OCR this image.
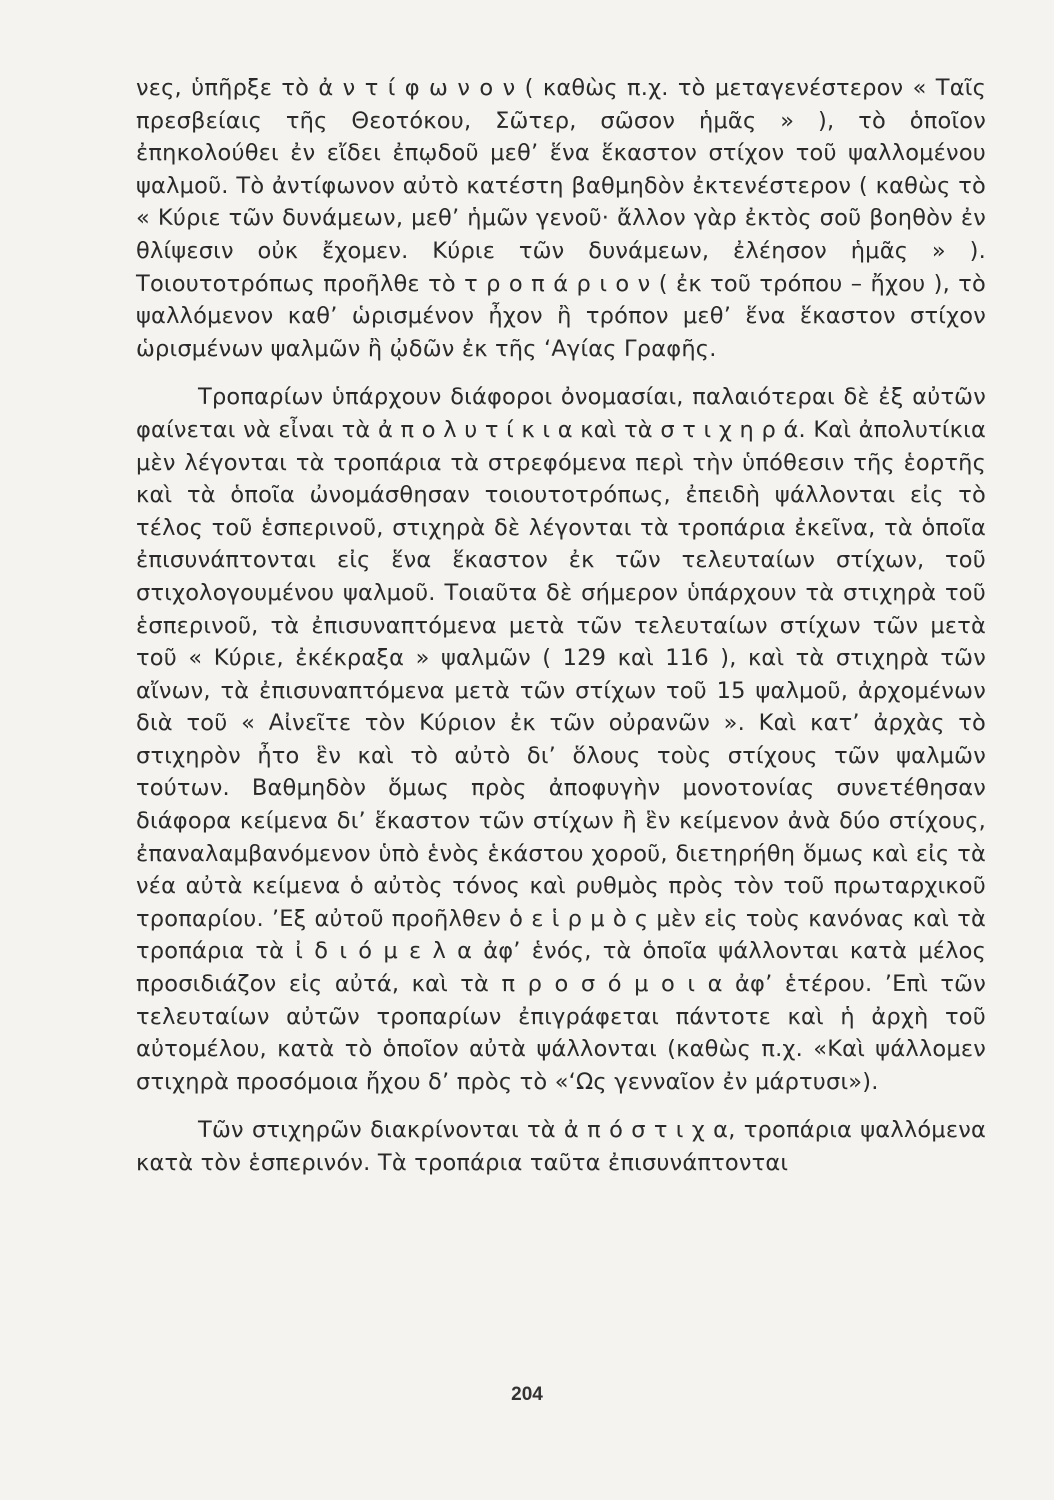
νες, ὑπῆρξε τὸ ἀ ν τ ί φ ω ν ο ν ( καθὼς π.χ. τὸ μεταγενέστερον « Ταῖς πρεσβείαις τῆς Θεοτόκου, Σῶτερ, σῶσον ἡμᾶς » ), τὸ ὁποῖον ἐπηκολούθει ἐν εἴδει ἐπῳδοῦ μεθ’ ἕνα ἕκαστον στίχον τοῦ ψαλλομένου ψαλμοῦ. Τὸ ἀντίφωνον αὐτὸ κατέστη βαθμηδὸν ἐκτενέστερον ( καθὼς τὸ « Κύριε τῶν δυνάμεων, μεθ’ ἡμῶν γενοῦ· ἄλλον γὰρ ἐκτὸς σοῦ βοηθὸν ἐν θλίψεσιν οὐκ ἔχομεν. Κύριε τῶν δυνάμεων, ἐλέησον ἡμᾶς » ). Τοιουτοτρόπως προῆλθε τὸ τ ρ ο π ά ρ ι ο ν ( ἐκ τοῦ τρόπου – ἤχου ), τὸ ψαλλόμενον καθ’ ὡρισμένον ἦχον ἢ τρόπον μεθ’ ἕνα ἕκαστον στίχον ὡρισμένων ψαλμῶν ἢ ᾠδῶν ἐκ τῆς ‘Αγίας Γραφῆς.

Τροπαρίων ὑπάρχουν διάφοροι ὀνομασίαι, παλαιότεραι δὲ ἐξ αὐτῶν φαίνεται νὰ εἶναι τὰ ἀ π ο λ υ τ ί κ ι α καὶ τὰ σ τ ι χ η ρ ά. Καὶ ἀπολυτίκια μὲν λέγονται τὰ τροπάρια τὰ στρεφόμενα περὶ τὴν ὑπόθεσιν τῆς ἑορτῆς καὶ τὰ ὁποῖα ὠνομάσθησαν τοιουτοτρόπως, ἐπειδὴ ψάλλονται εἰς τὸ τέλος τοῦ ἑσπερινοῦ, στιχηρὰ δὲ λέγονται τὰ τροπάρια ἐκεῖνα, τὰ ὁποῖα ἐπισυνάπτονται εἰς ἕνα ἕκαστον ἐκ τῶν τελευταίων στίχων, τοῦ στιχολογουμένου ψαλμοῦ. Τοιαῦτα δὲ σήμερον ὑπάρχουν τὰ στιχηρὰ τοῦ ἑσπερινοῦ, τὰ ἐπισυναπτόμενα μετὰ τῶν τελευταίων στίχων τῶν μετὰ τοῦ « Κύριε, ἐκέκραξα » ψαλμῶν ( 129 καὶ 116 ), καὶ τὰ στιχηρὰ τῶν αἴνων, τὰ ἐπισυναπτόμενα μετὰ τῶν στίχων τοῦ 15 ψαλμοῦ, ἀρχομένων διὰ τοῦ « Αἰνεῖτε τὸν Κύριον ἐκ τῶν οὐρανῶν ». Καὶ κατ’ ἀρχὰς τὸ στιχηρὸν ἦτο ἓν καὶ τὸ αὐτὸ δι’ ὅλους τοὺς στίχους τῶν ψαλμῶν τούτων. Βαθμηδὸν ὅμως πρὸς ἀποφυγὴν μονοτονίας συνετέθησαν διάφορα κείμενα δι’ ἕκαστον τῶν στίχων ἢ ἓν κείμενον ἀνὰ δύο στίχους, ἐπαναλαμβανόμενον ὑπὸ ἑνὸς ἑκάστου χοροῦ, διετηρήθη ὅμως καὶ εἰς τὰ νέα αὐτὰ κείμενα ὁ αὐτὸς τόνος καὶ ρυθμὸς πρὸς τὸν τοῦ πρωταρχικοῦ τροπαρίου. ’Εξ αὐτοῦ προῆλθεν ὁ ε ἱ ρ μ ὸ ς μὲν εἰς τοὺς κανόνας καὶ τὰ τροπάρια τὰ ἰ δ ι ό μ ε λ α ἀφ’ ἑνός, τὰ ὁποῖα ψάλλονται κατὰ μέλος προσιδιάζον εἰς αὐτά, καὶ τὰ π ρ ο σ ό μ ο ι α ἀφ’ ἑτέρου. ’Επὶ τῶν τελευταίων αὐτῶν τροπαρίων ἐπιγράφεται πάντοτε καὶ ἡ ἀρχὴ τοῦ αὐτομέλου, κατὰ τὸ ὁποῖον αὐτὰ ψάλλονται (καθὼς π.χ. «Καὶ ψάλλομεν στιχηρὰ προσόμοια ἤχου δ’ πρὸς τὸ «‘Ως γενναῖον ἐν μάρτυσι»).

Τῶν στιχηρῶν διακρίνονται τὰ ἀ π ό σ τ ι χ α, τροπάρια ψαλλόμενα κατὰ τὸν ἑσπερινόν. Τὰ τροπάρια ταῦτα ἐπισυνάπτονται

204
